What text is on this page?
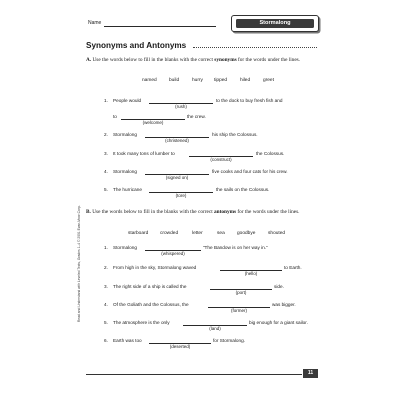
Name	Stormalong
Synonyms and Antonyms
A. Use the words below to fill in the blanks with the correct synonyms for the words under the lines.
named	build	hurry tipped	hiled	greet
1. People would	to the dock to buy fresh fish and
(rush)
to	the crew.
(welcome)
2. Stormalong	his ship the Colossus.
(christened)
3. It took many tons of lumber to	the Colossus.
(construct)
4. Stormalong	five cooks and four cats for his crew.
(signed on)
5. The hurricane	the sails on the Colossus.
(tore)
B. Use the words below to fill in the blanks with the correct antonyms for the words under the lines.
starboard crowded	letter	sea	goodbye	shouted
1. Stormalong	“The Bandow is on her way in.”
(whispered)
2. From high in the sky, Stormalong waved	to Earth.
(hello)
3. The right side of a ship is called the	side.
(port)
4. Of the Goliath and the Colossus, the	was bigger.
(former)
5. The atmosphere is the only	big enough for a giant sailor.
(land)
6. Earth was too	for Stormalong.
(deserted)
Read and Understand with Leveled Texts, Grades 1–4 © 2001 Evan-Moor Corp.
11
